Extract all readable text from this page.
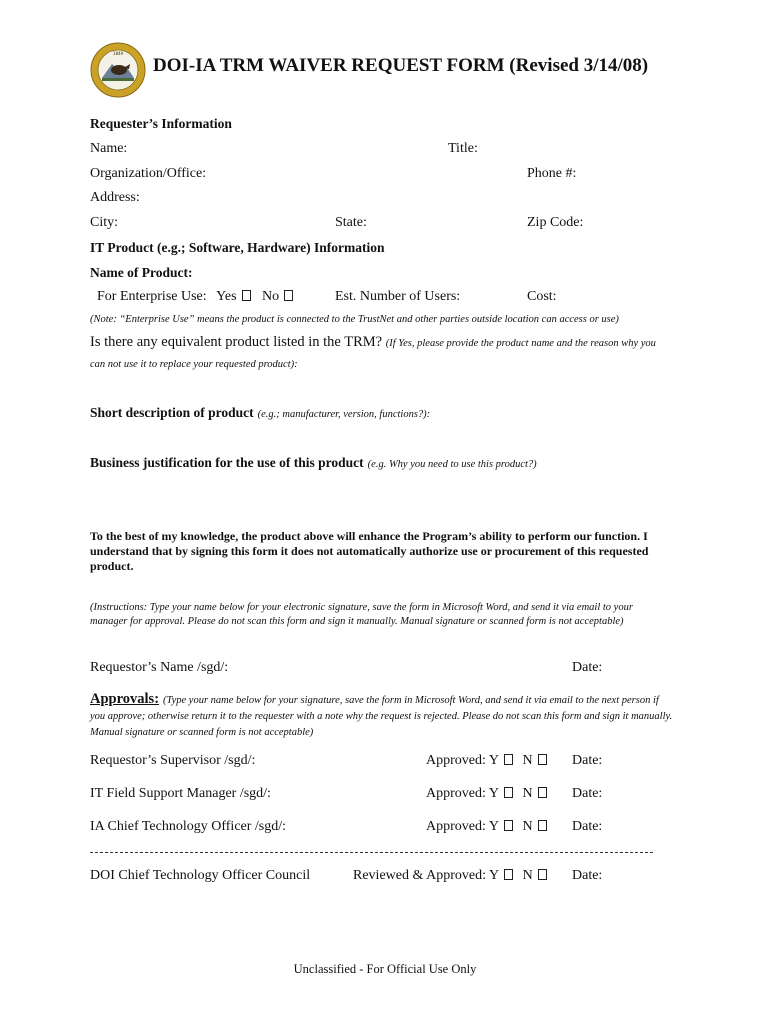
1849
DOI-IA TRM WAIVER REQUEST FORM (Revised 3/14/08)
Requester’s Information
Name:	Title:
Organization/Office:	Phone #:
Address:
City:	State:	Zip Code:
IT Product (e.g.; Software, Hardware) Information
Name of Product:
For Enterprise Use: Yes No	Est. Number of Users:	Cost:
(Note: “Enterprise Use” means the product is connected to the TrustNet and other parties outside location can access or use)
Is there any equivalent product listed in the TRM? (If Yes, please provide the product name and the reason why you
can not use it to replace your requested product):
Short description of product (e.g.; manufacturer, version, functions?):
Business justification for the use of this product (e.g. Why you need to use this product?)
To the best of my knowledge, the product above will enhance the Program’s ability to perform our function. I understand that by signing this form it does not automatically authorize use or procurement of this requested product.
(Instructions: Type your name below for your electronic signature, save the form in Microsoft Word, and send it via email to your manager for approval. Please do not scan this form and sign it manually. Manual signature or scanned form is not acceptable)
Requestor’s Name /sgd/:	Date:
Approvals: (Type your name below for your signature, save the form in Microsoft Word, and send it via email to the next person if you approve; otherwise return it to the requester with a note why the request is rejected. Please do not scan this form and sign it manually. Manual signature or scanned form is not acceptable)
Requestor’s Supervisor /sgd/:	Approved: Y N	Date:
IT Field Support Manager /sgd/:	Approved: Y N	Date:
IA Chief Technology Officer /sgd/:	Approved: Y N	Date:
DOI Chief Technology Officer Council	Reviewed & Approved: Y N	Date:
Unclassified - For Official Use Only
